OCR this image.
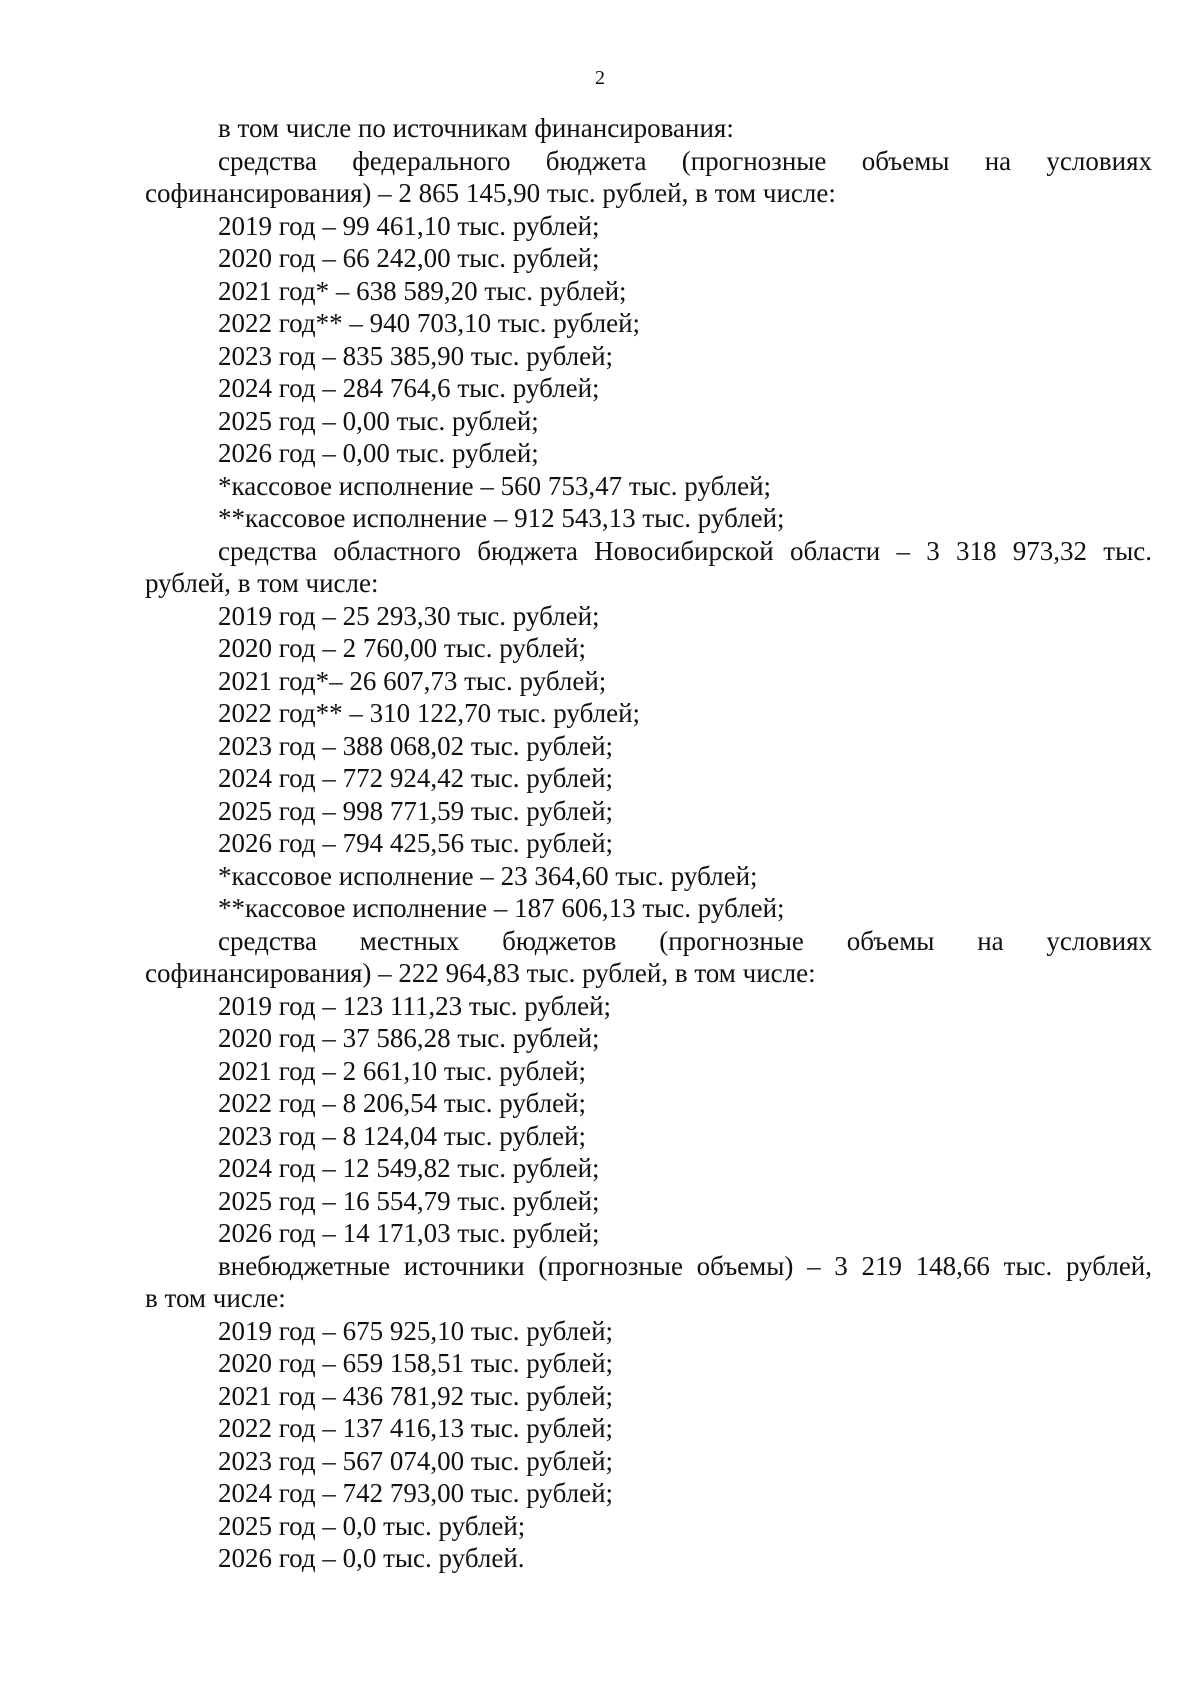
2
в том числе по источникам финансирования:
средства федерального бюджета (прогнозные объемы на условиях
софинансирования) – 2 865 145,90 тыс. рублей, в том числе:
2019 год – 99 461,10 тыс. рублей;
2020 год – 66 242,00 тыс. рублей;
2021 год* – 638 589,20 тыс. рублей;
2022 год** – 940 703,10 тыс. рублей;
2023 год – 835 385,90 тыс. рублей;
2024 год – 284 764,6 тыс. рублей;
2025 год – 0,00 тыс. рублей;
2026 год – 0,00 тыс. рублей;
*кассовое исполнение – 560 753,47 тыс. рублей;
**кассовое исполнение – 912 543,13 тыс. рублей;
средства областного бюджета Новосибирской области – 3 318 973,32 тыс.
рублей, в том числе:
2019 год – 25 293,30 тыс. рублей;
2020 год – 2 760,00 тыс. рублей;
2021 год*– 26 607,73 тыс. рублей;
2022 год** – 310 122,70 тыс. рублей;
2023 год – 388 068,02 тыс. рублей;
2024 год – 772 924,42 тыс. рублей;
2025 год – 998 771,59 тыс. рублей;
2026 год – 794 425,56 тыс. рублей;
*кассовое исполнение – 23 364,60 тыс. рублей;
**кассовое исполнение – 187 606,13 тыс. рублей;
средства местных бюджетов (прогнозные объемы на условиях
софинансирования) – 222 964,83 тыс. рублей, в том числе:
2019 год – 123 111,23 тыс. рублей;
2020 год – 37 586,28 тыс. рублей;
2021 год – 2 661,10 тыс. рублей;
2022 год – 8 206,54 тыс. рублей;
2023 год – 8 124,04 тыс. рублей;
2024 год – 12 549,82 тыс. рублей;
2025 год – 16 554,79 тыс. рублей;
2026 год – 14 171,03 тыс. рублей;
внебюджетные источники (прогнозные объемы) – 3 219 148,66 тыс. рублей,
в том числе:
2019 год – 675 925,10 тыс. рублей;
2020 год – 659 158,51 тыс. рублей;
2021 год – 436 781,92 тыс. рублей;
2022 год – 137 416,13 тыс. рублей;
2023 год – 567 074,00 тыс. рублей;
2024 год – 742 793,00 тыс. рублей;
2025 год – 0,0 тыс. рублей;
2026 год – 0,0 тыс. рублей.
